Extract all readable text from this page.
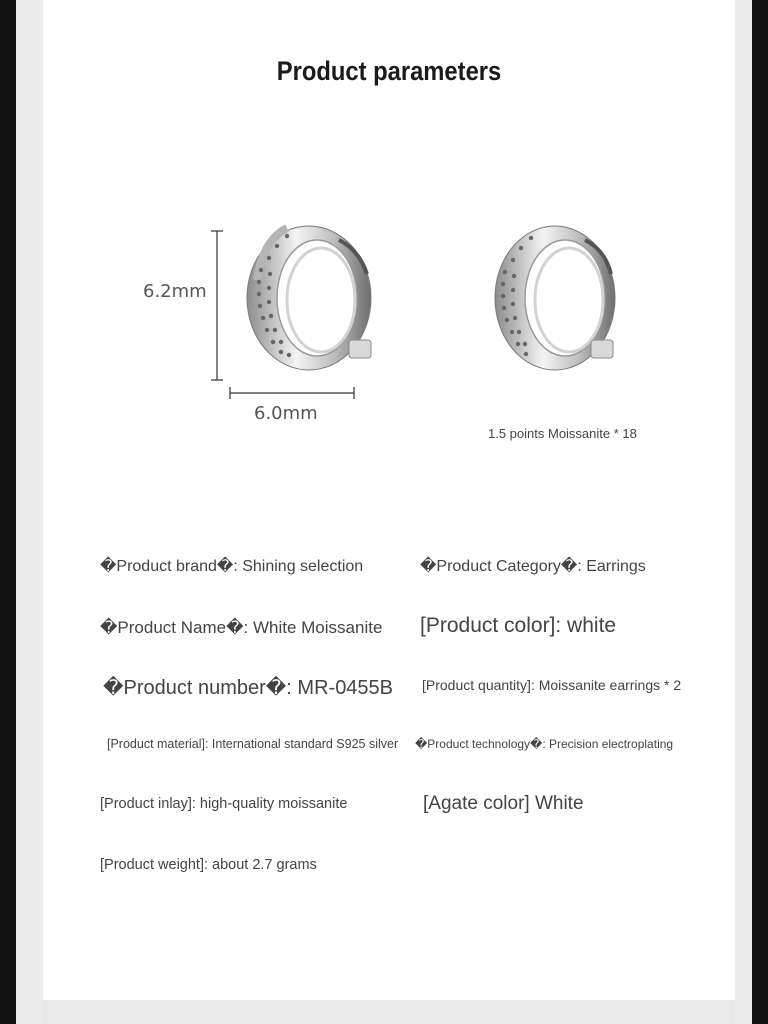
Product parameters
6.2mm
6.0mm
1.5 points Moissanite * 18
�Product brand�: Shining selection	�Product Category�: Earrings
�Product Name�: White Moissanite [Product color]: white
�Product number�: MR-0455B [Product quantity]: Moissanite earrings * 2
[Product material]: International standard S925 silver �Product technology�: Precision electroplating
[Product inlay]: high-quality moissanite	[Agate color] White
[Product weight]: about 2.7 grams
